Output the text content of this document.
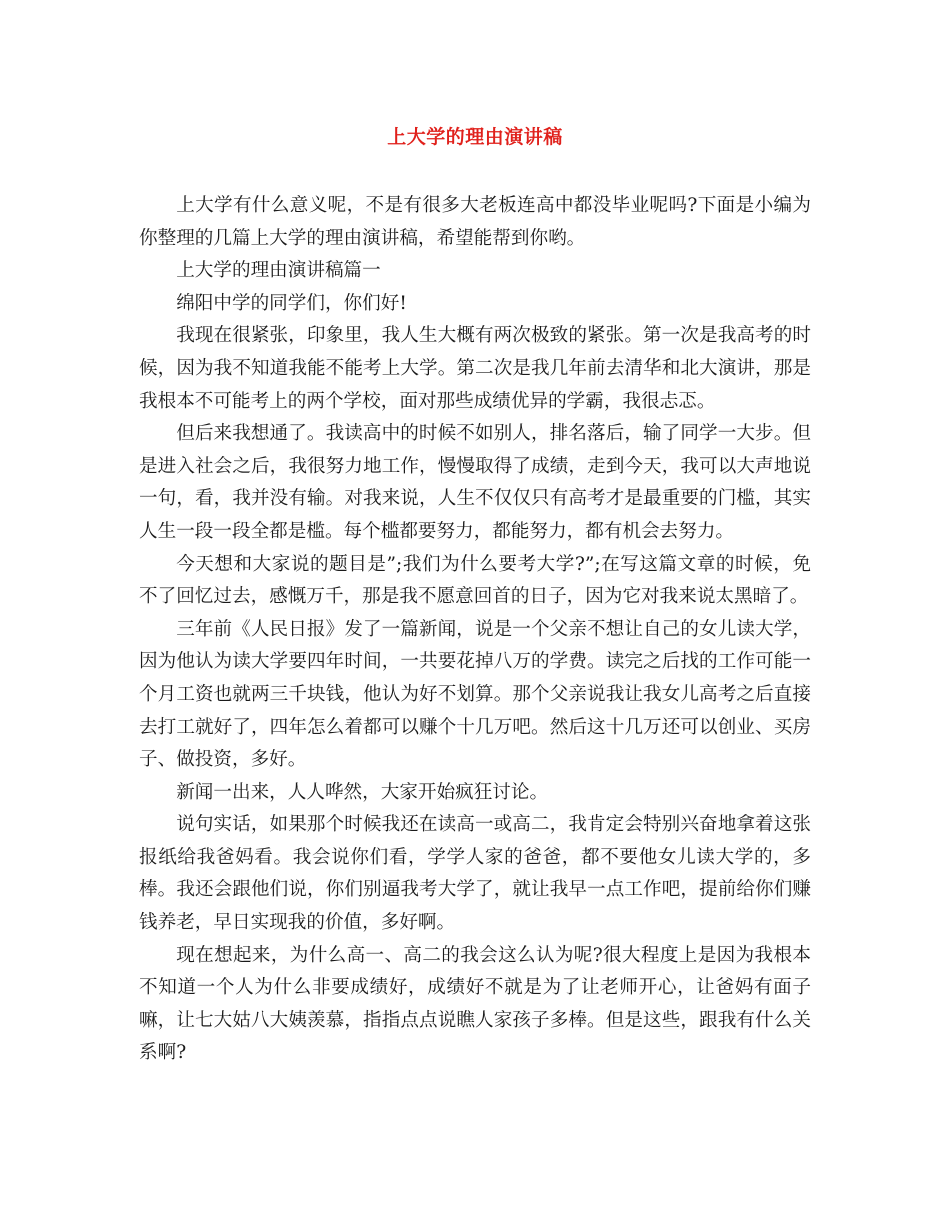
上大学的理由演讲稿

上大学有什么意义呢，不是有很多大老板连高中都没毕业呢吗?下面是小编为你整理的几篇上大学的理由演讲稿，希望能帮到你哟。

上大学的理由演讲稿篇一

绵阳中学的同学们，你们好!

我现在很紧张，印象里，我人生大概有两次极致的紧张。第一次是我高考的时候，因为我不知道我能不能考上大学。第二次是我几年前去清华和北大演讲，那是我根本不可能考上的两个学校，面对那些成绩优异的学霸，我很忐忑。

但后来我想通了。我读高中的时候不如别人，排名落后，输了同学一大步。但是进入社会之后，我很努力地工作，慢慢取得了成绩，走到今天，我可以大声地说一句，看，我并没有输。对我来说，人生不仅仅只有高考才是最重要的门槛，其实人生一段一段全都是槛。每个槛都要努力，都能努力，都有机会去努力。

今天想和大家说的题目是”;我们为什么要考大学?”;在写这篇文章的时候，免不了回忆过去，感慨万千，那是我不愿意回首的日子，因为它对我来说太黑暗了。

三年前《人民日报》发了一篇新闻，说是一个父亲不想让自己的女儿读大学，因为他认为读大学要四年时间，一共要花掉八万的学费。读完之后找的工作可能一个月工资也就两三千块钱，他认为好不划算。那个父亲说我让我女儿高考之后直接去打工就好了，四年怎么着都可以赚个十几万吧。然后这十几万还可以创业、买房子、做投资，多好。

新闻一出来，人人哗然，大家开始疯狂讨论。

说句实话，如果那个时候我还在读高一或高二，我肯定会特别兴奋地拿着这张报纸给我爸妈看。我会说你们看，学学人家的爸爸，都不要他女儿读大学的，多棒。我还会跟他们说，你们别逼我考大学了，就让我早一点工作吧，提前给你们赚钱养老，早日实现我的价值，多好啊。

现在想起来，为什么高一、高二的我会这么认为呢?很大程度上是因为我根本不知道一个人为什么非要成绩好，成绩好不就是为了让老师开心，让爸妈有面子嘛，让七大姑八大姨羡慕，指指点点说瞧人家孩子多棒。但是这些，跟我有什么关系啊?
